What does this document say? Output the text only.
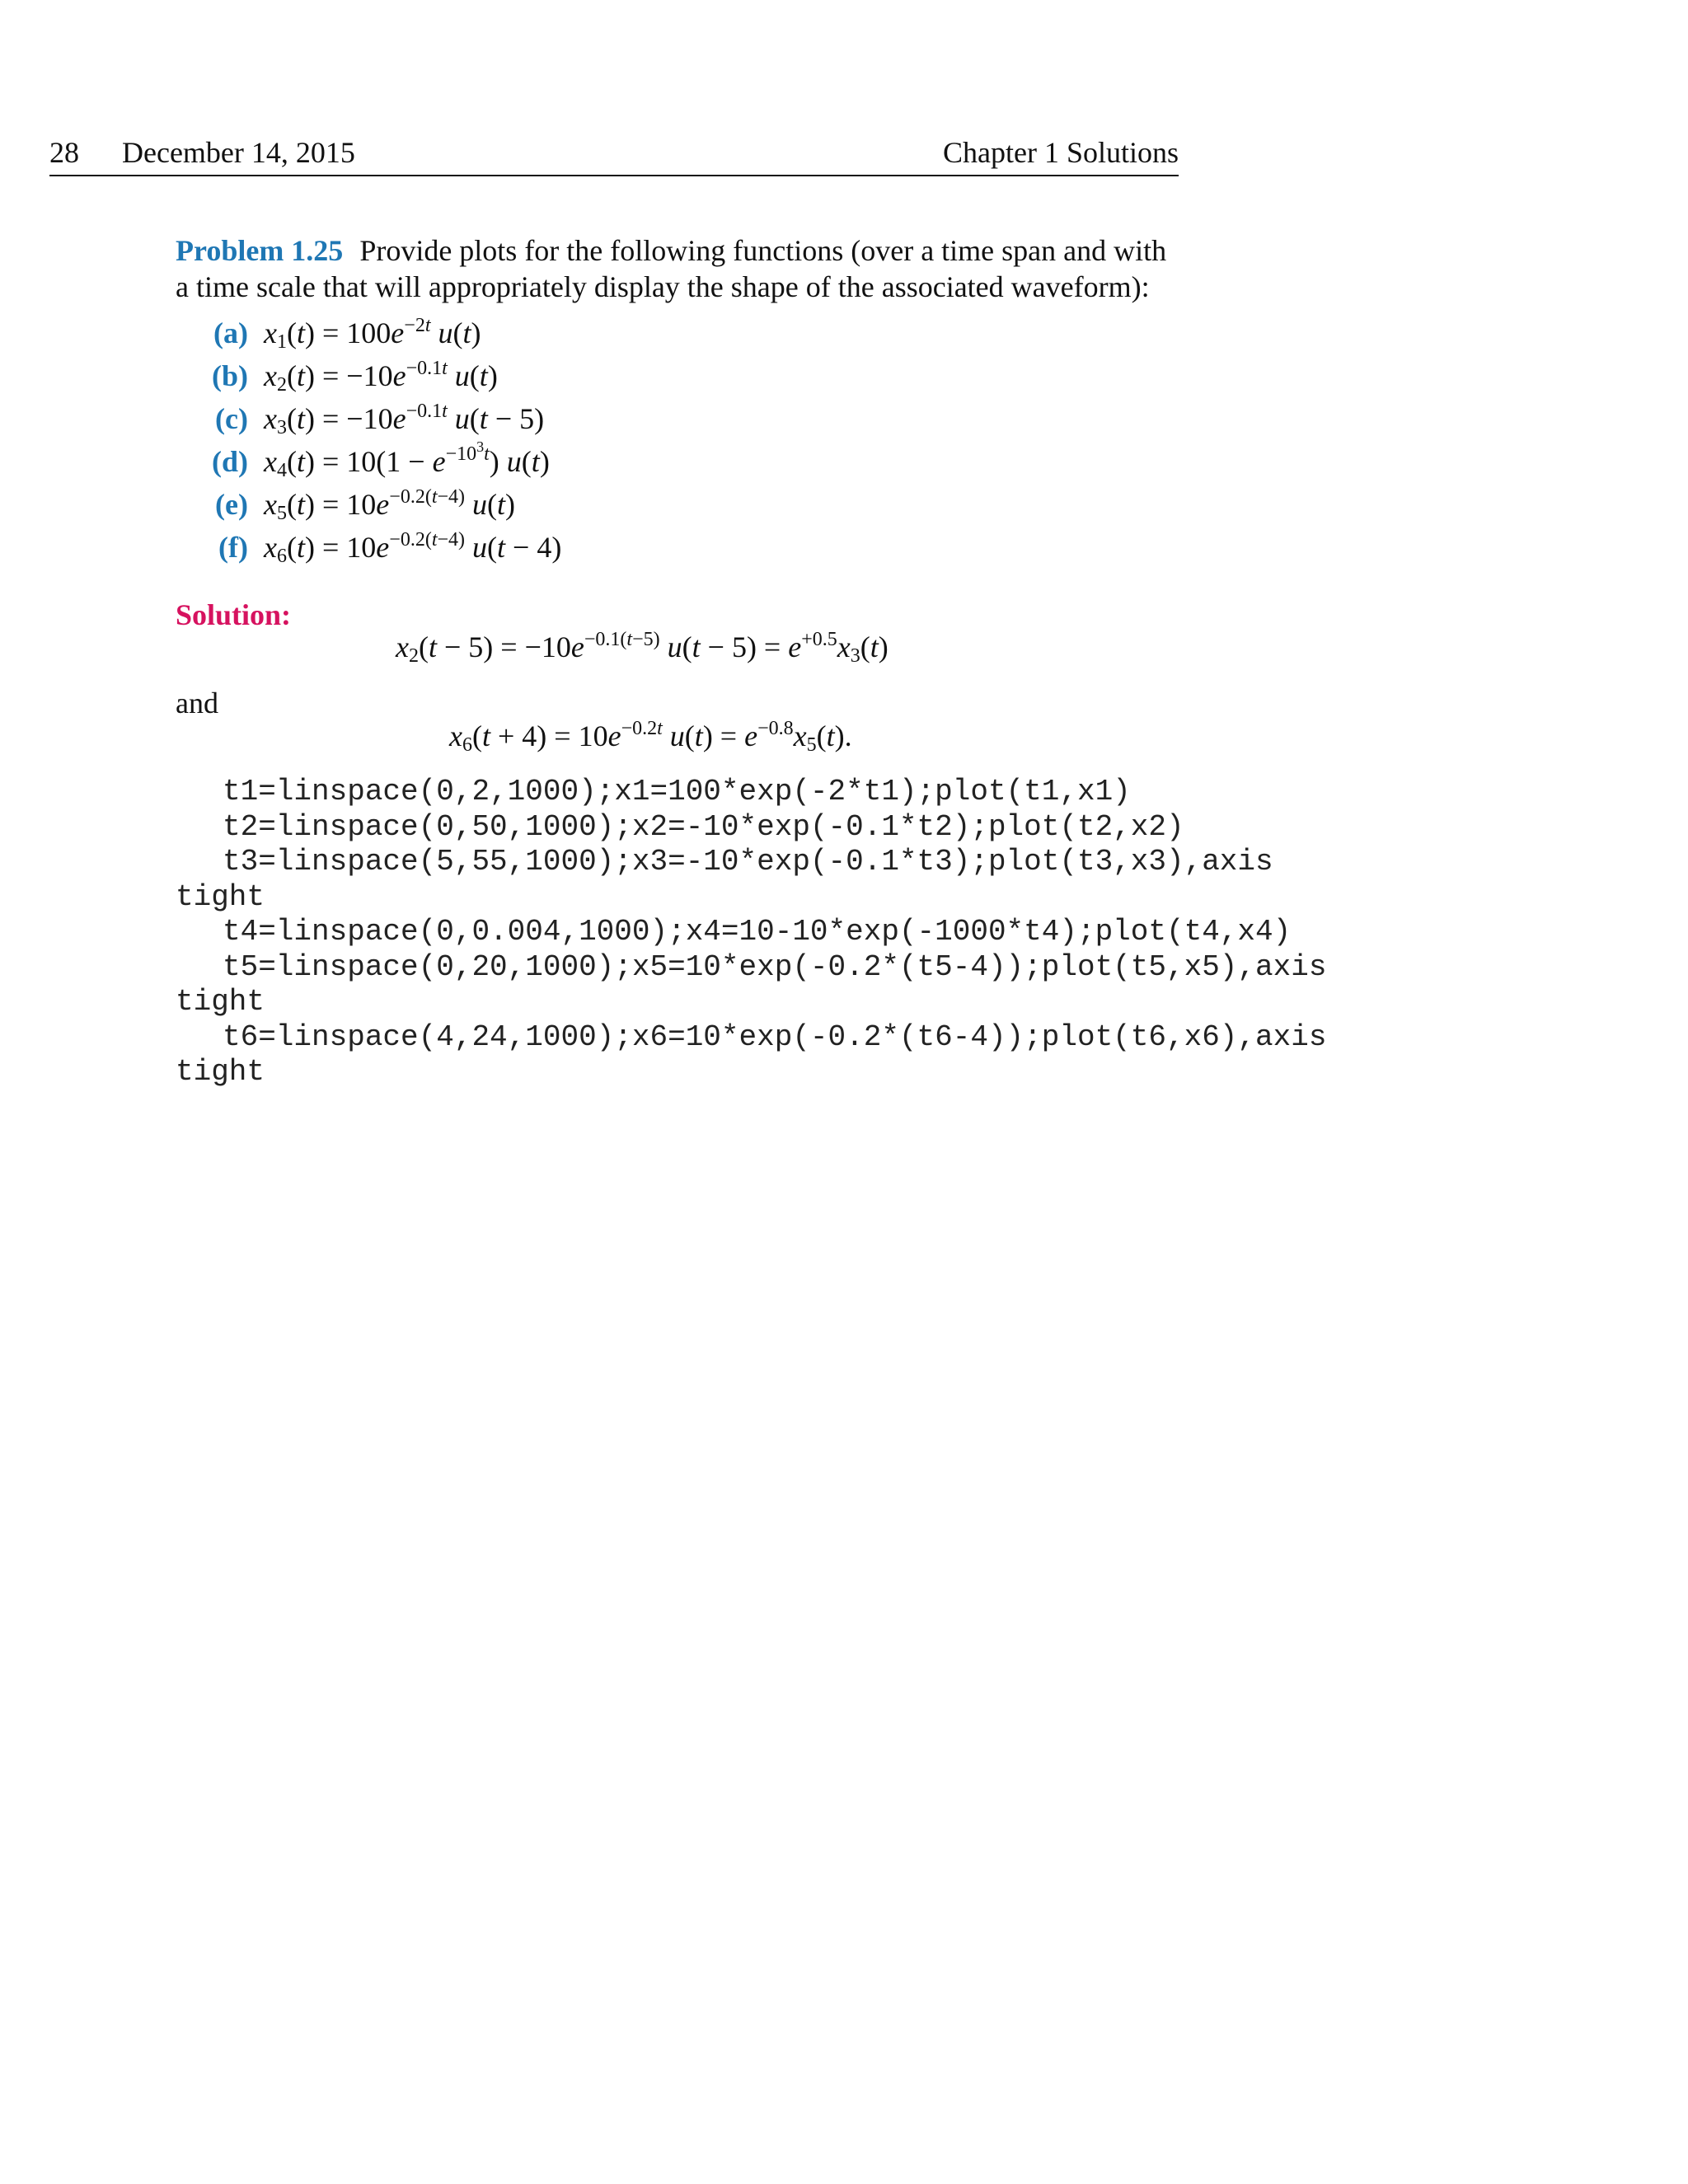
28 December 14, 2015	Chapter 1 Solutions
Problem 1.25 Provide plots for the following functions (over a time span and with a time scale that will appropriately display the shape of the associated waveform):
(a) $x_1(t) = 100e^{-2t}$ u(t)
(b) $x_2(t) = -10e^{-0.1t}$ u(t)
(c) $x_3(t) = -10e^{-0.1t}$ u(t − 5)
(d) $x_4(t) = 10(1 - e^{-10^3t})$ u(t)
(e) $x_5(t) = 10e^{-0.2(t-4)}$ u(t)
(f) $x_6(t) = 10e^{-0.2(t-4)}$ u(t − 4)
Solution:
$x_2(t - 5) = -10e^{-0.1(t-5)}$ $u(t - 5) = e^{+0.5}x_3(t)$
and
$x_6(t + 4) = 10e^{-0.2t}$ $u(t) = e^{-0.8}x_5(t)$.
t1=linspace(0,2,1000);x1=100*exp(-2*t1);plot(t1,x1)
t2=linspace(0,50,1000);x2=-10*exp(-0.1*t2);plot(t2,x2)
t3=linspace(5,55,1000);x3=-10*exp(-0.1*t3);plot(t3,x3),axis
tight
t4=linspace(0,0.004,1000);x4=10-10*exp(-1000*t4);plot(t4,x4)
t5=linspace(0,20,1000);x5=10*exp(-0.2*(t5-4));plot(t5,x5),axis
tight
t6=linspace(4,24,1000);x6=10*exp(-0.2*(t6-4));plot(t6,x6),axis
tight
